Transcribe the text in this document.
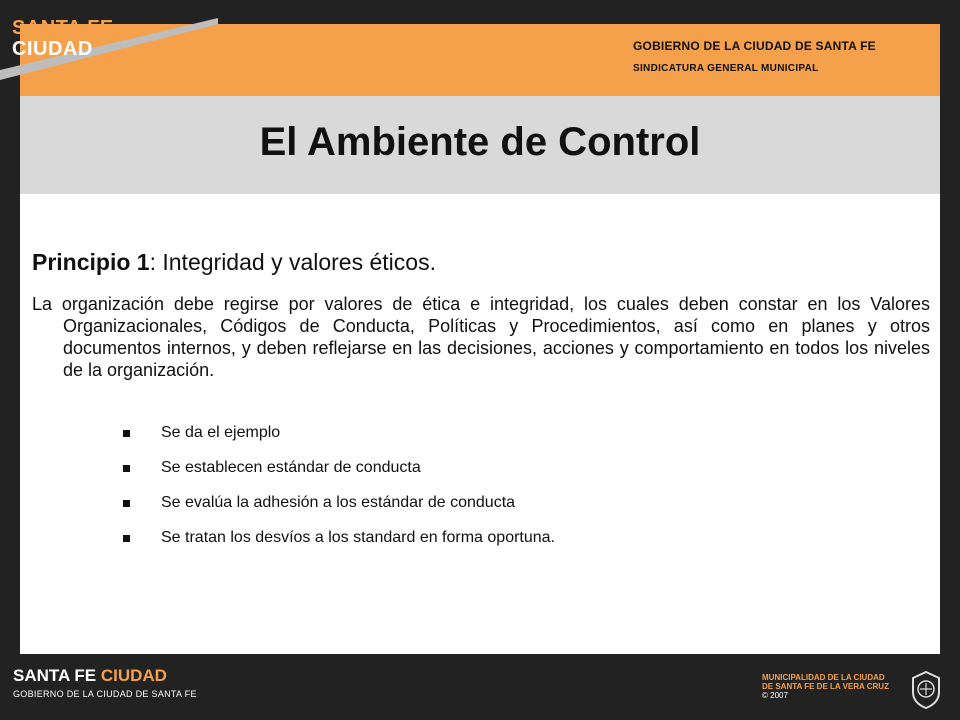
SANTA FE
CIUDAD	GOBIERNO DE LA CIUDAD DE SANTA FE
SINDICATURA GENERAL MUNICIPAL
El Ambiente de Control
Principio 1: Integridad y valores éticos.
La organización debe regirse por valores de ética e integridad, los cuales deben constar en los Valores Organizacionales, Códigos de Conducta, Políticas y Procedimientos, así como en planes y otros documentos internos, y deben reflejarse en las decisiones, acciones y comportamiento en todos los niveles de la organización.
Se da el ejemplo
Se establecen estándar de conducta
Se evalúa la adhesión a los estándar de conducta
Se tratan los desvíos a los standard en forma oportuna.
SANTA FE CIUDAD
GOBIERNO DE LA CIUDAD DE SANTA FE
MUNICIPALIDAD DE LA CIUDAD
DE SANTA FE DE LA VERA CRUZ
© 2007
